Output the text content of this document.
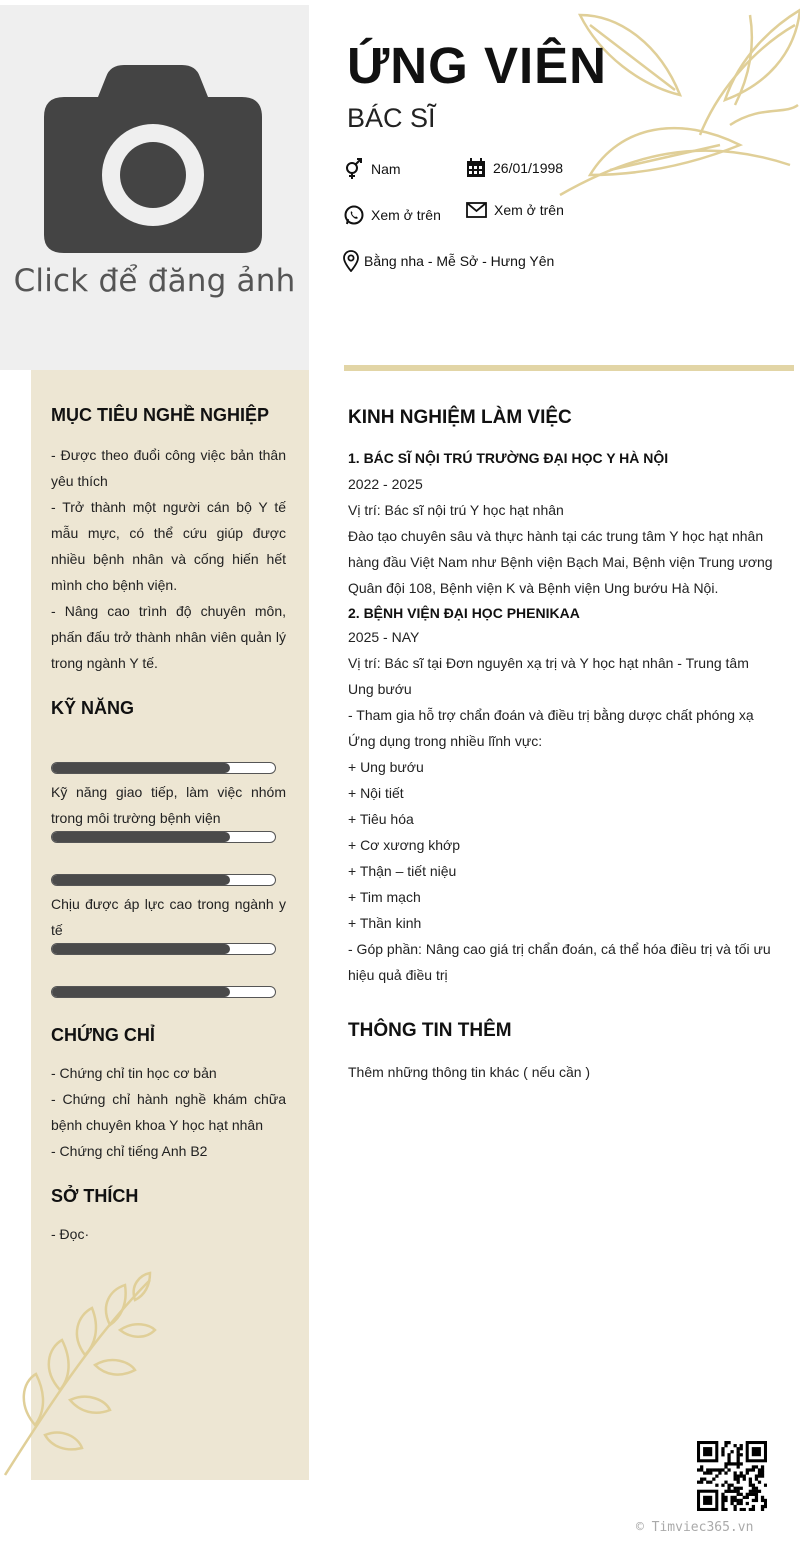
Click để đăng ảnh
ỨNG VIÊN
BÁC SĨ
Nam	26/01/1998
Xem ở trên	Xem ở trên
Bằng nha - Mễ Sở - Hưng Yên
MỤC TIÊU NGHỀ NGHIỆP
- Được theo đuổi công việc bản thân yêu thích
- Trở thành một người cán bộ Y tế mẫu mực, có thể cứu giúp được nhiều bệnh nhân và cống hiến hết mình cho bệnh viện.
- Nâng cao trình độ chuyên môn, phấn đấu trở thành nhân viên quản lý trong ngành Y tế.
KỸ NĂNG
Kỹ năng giao tiếp, làm việc nhóm trong môi trường bệnh viện
Chịu được áp lực cao trong ngành y tế
CHỨNG CHỈ
- Chứng chỉ tin học cơ bản
- Chứng chỉ hành nghề khám chữa bệnh chuyên khoa Y học hạt nhân
- Chứng chỉ tiếng Anh B2
SỞ THÍCH
- Đọc·
KINH NGHIỆM LÀM VIỆC
1. BÁC SĨ NỘI TRÚ TRƯỜNG ĐẠI HỌC Y HÀ NỘI
2022 - 2025
Vị trí: Bác sĩ nội trú Y học hạt nhân
Đào tạo chuyên sâu và thực hành tại các trung tâm Y học hạt nhân hàng đầu Việt Nam như Bệnh viện Bạch Mai, Bệnh viện Trung ương Quân đội 108, Bệnh viện K và Bệnh viện Ung bướu Hà Nội.
2. BỆNH VIỆN ĐẠI HỌC PHENIKAA
2025 - NAY
Vị trí: Bác sĩ tại Đơn nguyên xạ trị và Y học hạt nhân - Trung tâm Ung bướu
- Tham gia hỗ trợ chẩn đoán và điều trị bằng dược chất phóng xạ Ứng dụng trong nhiều lĩnh vực:
+ Ung bướu
+ Nội tiết
+ Tiêu hóa
+ Cơ xương khớp
+ Thận – tiết niệu
+ Tim mạch
+ Thần kinh
- Góp phần: Nâng cao giá trị chẩn đoán, cá thể hóa điều trị và tối ưu hiệu quả điều trị
THÔNG TIN THÊM
Thêm những thông tin khác ( nếu cần )
© Timviec365.vn
